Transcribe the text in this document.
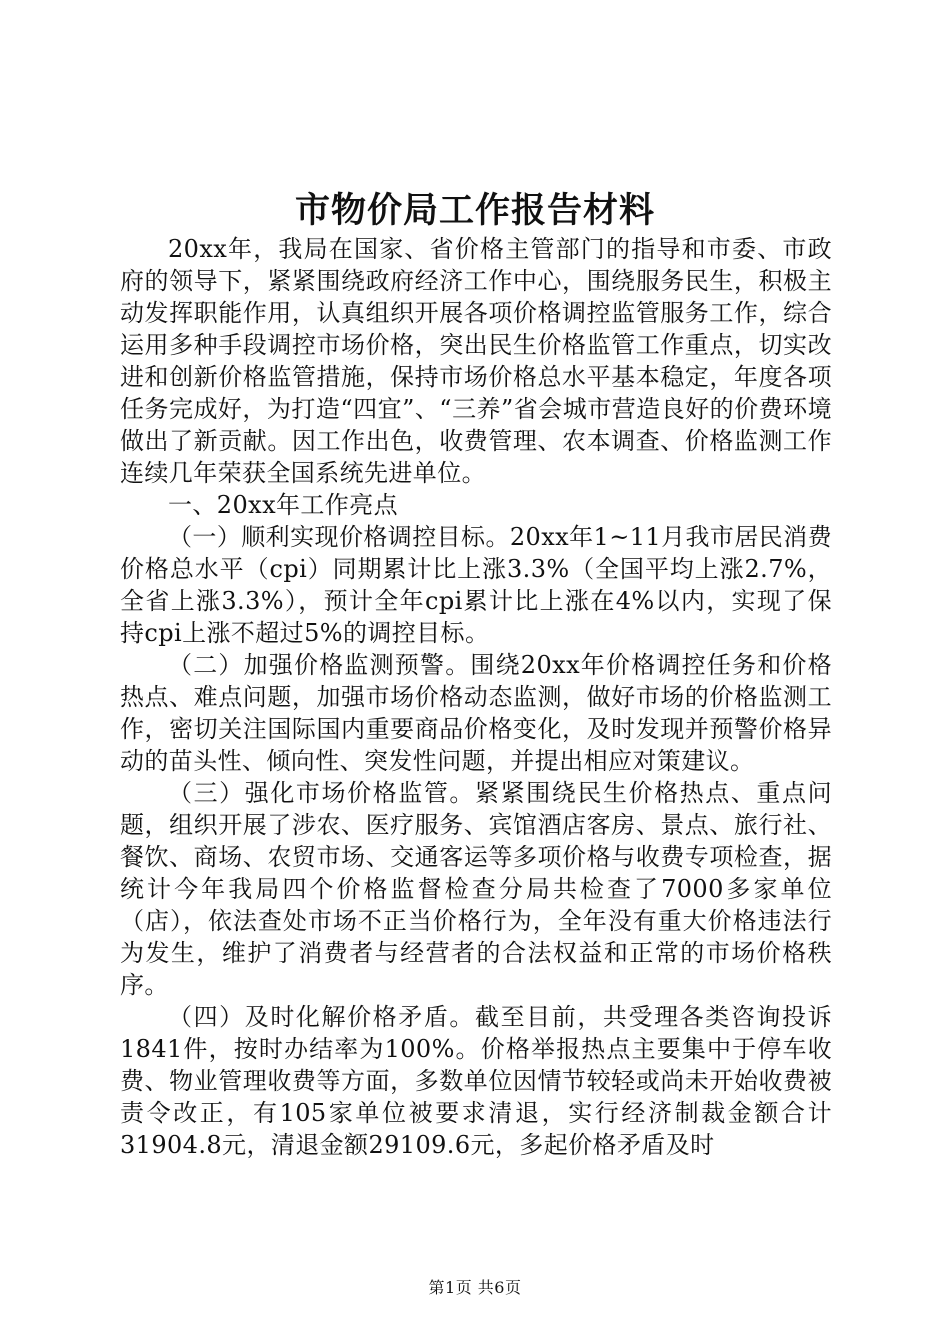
市物价局工作报告材料

20xx年，我局在国家、省价格主管部门的指导和市委、市政府的领导下，紧紧围绕政府经济工作中心，围绕服务民生，积极主动发挥职能作用，认真组织开展各项价格调控监管服务工作，综合运用多种手段调控市场价格，突出民生价格监管工作重点，切实改进和创新价格监管措施，保持市场价格总水平基本稳定，年度各项任务完成好，为打造“四宜”、“三养”省会城市营造良好的价费环境做出了新贡献。因工作出色，收费管理、农本调查、价格监测工作连续几年荣获全国系统先进单位。

一、20xx年工作亮点

（一）顺利实现价格调控目标。20xx年1~11月我市居民消费价格总水平（cpi）同期累计比上涨3.3%（全国平均上涨2.7%，全省上涨3.3%），预计全年cpi累计比上涨在4%以内，实现了保持cpi上涨不超过5%的调控目标。

（二）加强价格监测预警。围绕20xx年价格调控任务和价格热点、难点问题，加强市场价格动态监测，做好市场的价格监测工作，密切关注国际国内重要商品价格变化，及时发现并预警价格异动的苗头性、倾向性、突发性问题，并提出相应对策建议。

（三）强化市场价格监管。紧紧围绕民生价格热点、重点问题，组织开展了涉农、医疗服务、宾馆酒店客房、景点、旅行社、餐饮、商场、农贸市场、交通客运等多项价格与收费专项检查，据统计今年我局四个价格监督检查分局共检查了7000多家单位（店），依法查处市场不正当价格行为，全年没有重大价格违法行为发生，维护了消费者与经营者的合法权益和正常的市场价格秩序。

（四）及时化解价格矛盾。截至目前，共受理各类咨询投诉1841件，按时办结率为100%。价格举报热点主要集中于停车收费、物业管理收费等方面，多数单位因情节较轻或尚未开始收费被责令改正，有105家单位被要求清退，实行经济制裁金额合计31904.8元，清退金额29109.6元，多起价格矛盾及时

第1页 共6页
